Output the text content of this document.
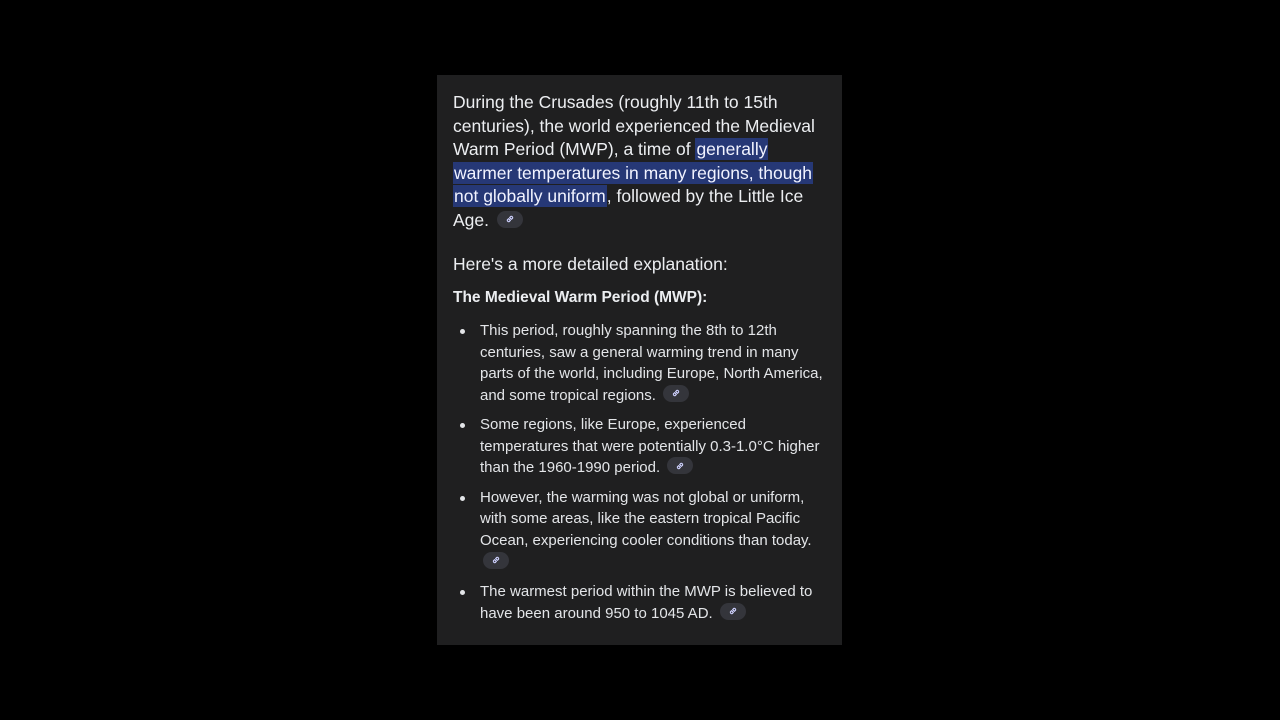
During the Crusades (roughly 11th to 15th centuries), the world experienced the Medieval Warm Period (MWP), a time of generally warmer temperatures in many regions, though not globally uniform, followed by the Little Ice Age.

Here's a more detailed explanation:

The Medieval Warm Period (MWP):

This period, roughly spanning the 8th to 12th centuries, saw a general warming trend in many parts of the world, including Europe, North America, and some tropical regions.
Some regions, like Europe, experienced temperatures that were potentially 0.3-1.0°C higher than the 1960-1990 period.
However, the warming was not global or uniform, with some areas, like the eastern tropical Pacific Ocean, experiencing cooler conditions than today.
The warmest period within the MWP is believed to have been around 950 to 1045 AD.
